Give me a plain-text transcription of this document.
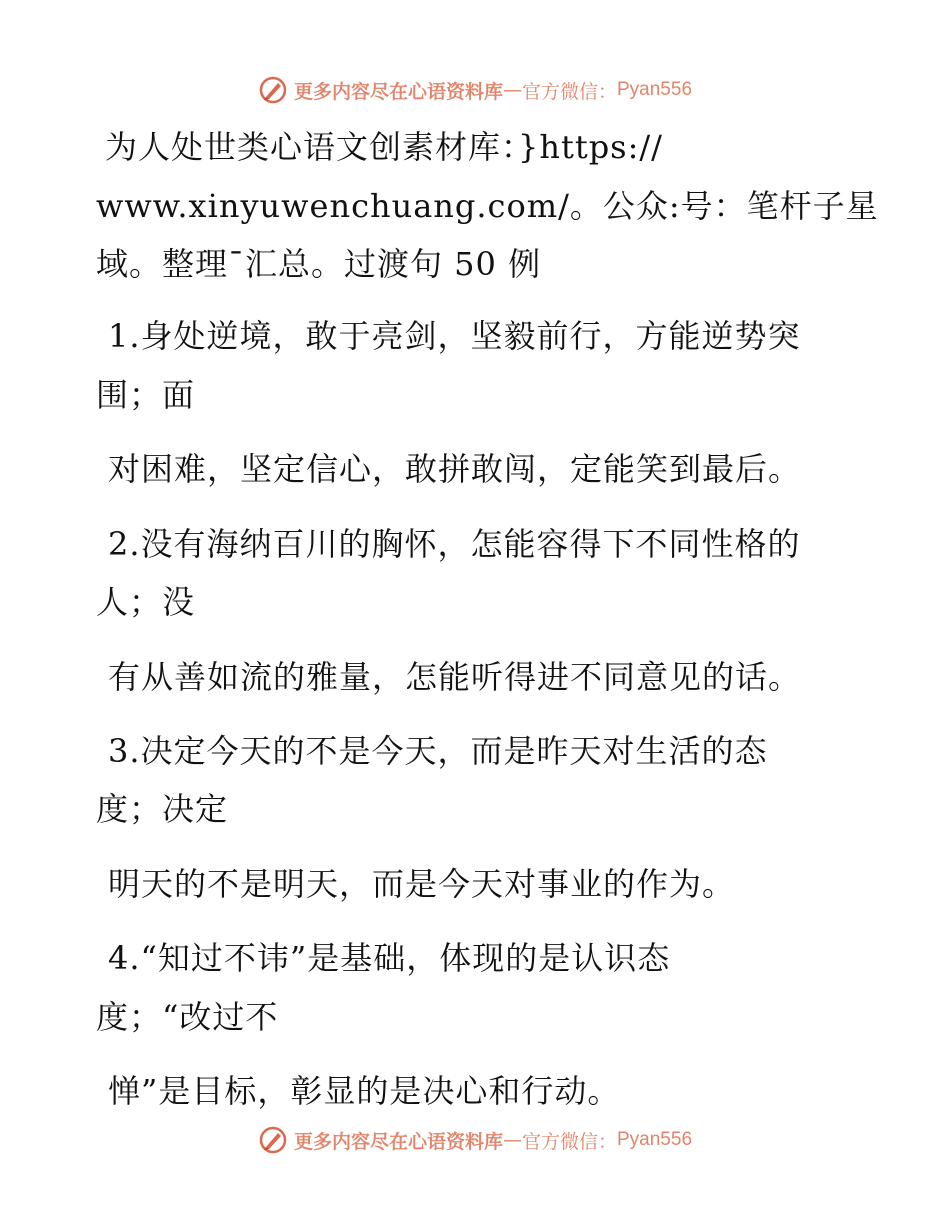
更多内容尽在心语资料库 — 官方微信： Pyan556
为人处世类心语文创素材库：}https://
www.xinyuwenchuang.com/。公众:号：笔杆子星
域。整理¯汇总。过渡句 50 例
1.身处逆境，敢于亮剑，坚毅前行，方能逆势突
围；面
对困难，坚定信心，敢拼敢闯，定能笑到最后。
2.没有海纳百川的胸怀，怎能容得下不同性格的
人；没
有从善如流的雅量，怎能听得进不同意见的话。
3.决定今天的不是今天，而是昨天对生活的态
度；决定
明天的不是明天，而是今天对事业的作为。
4.“知过不讳”是基础，体现的是认识态
度；“改过不
惮”是目标，彰显的是决心和行动。
更多内容尽在心语资料库 — 官方微信： Pyan556
